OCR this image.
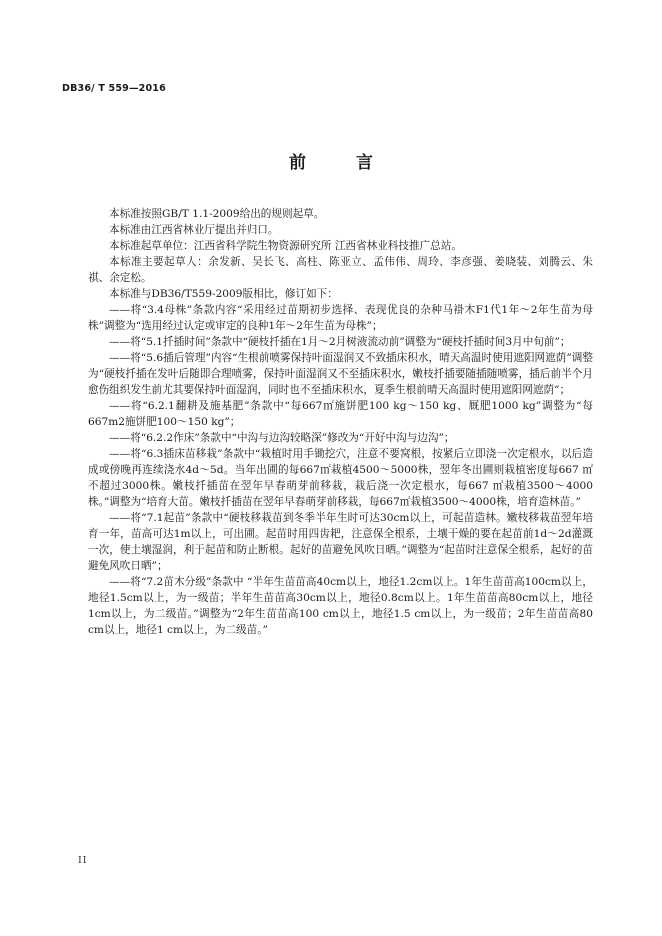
DB36/ T 559—2016
前 言

本标准按照GB/T 1.1-2009给出的规则起草。

本标准由江西省林业厅提出并归口。

本标准起草单位：江西省科学院生物资源研究所 江西省林业科技推广总站。

本标准主要起草人：余发新、吴长飞、高柱、陈亚立、孟伟伟、周玲、李彦强、姜晓装、刘腾云、朱祺、余定松。

本标准与DB36/T559-2009版相比，修订如下：

——将“3.4母株”条款内容“采用经过苗期初步选择、表现优良的杂种马褂木F1代1年～2年生苗为母株”调整为“选用经过认定或审定的良种1年～2年生苗为母株”；

——将“5.1扦插时间”条款中“硬枝扦插在1月～2月树液流动前”调整为“硬枝扦插时间3月中旬前”；

——将“5.6插后管理”内容“生根前喷雾保持叶面湿润又不致插床积水，晴天高温时使用遮阳网遮荫”调整为“硬枝扦插在发叶后随即合理喷雾，保持叶面湿润又不至插床积水，嫩枝扦插要随插随喷雾，插后前半个月愈伤组织发生前尤其要保持叶面湿润，同时也不至插床积水，夏季生根前晴天高温时使用遮阳网遮荫”；

——将“6.2.1翻耕及施基肥”条款中“每667㎡施饼肥100 kg～150 kg、厩肥1000 kg”调整为“每667m2施饼肥100～150 kg”；

——将“6.2.2作床”条款中“中沟与边沟较略深”修改为“开好中沟与边沟”；

——将“6.3插床苗移栽”条款中“栽植时用手锄挖穴，注意不要窝根，按紧后立即浇一次定根水，以后造成或傍晚再连续浇水4d～5d。当年出圃的每667㎡栽植4500～5000株，翌年冬出圃则栽植密度每667 ㎡不超过3000株。嫩枝扦插苗在翌年早春萌芽前移栽，栽后浇一次定根水，每667 ㎡栽植3500～4000株。”调整为“培育大苗。嫩枝扦插苗在翌年早春萌芽前移栽，每667㎡栽植3500～4000株，培育造林苗。”

——将“7.1起苗”条款中“硬枝移栽苗到冬季半年生时可达30cm以上，可起苗造林。嫩枝移栽苗翌年培育一年，苗高可达1m以上，可出圃。起苗时用四齿耙，注意保全根系，土壤干燥的要在起苗前1d～2d灌溉一次，使土壤湿润，利于起苗和防止断根。起好的苗避免风吹日晒。”调整为“起苗时注意保全根系，起好的苗避免风吹日晒”；

——将“7.2苗木分级”条款中 “半年生苗苗高40cm以上，地径1.2cm以上。1年生苗苗高100cm以上，地径1.5cm以上，为一级苗；半年生苗苗高30cm以上，地径0.8cm以上。1年生苗苗高80cm以上，地径1cm以上，为二级苗。”调整为“2年生苗苗高100 cm以上，地径1.5 cm以上，为一级苗；2年生苗苗高80 cm以上，地径1 cm以上，为二级苗。”

II
